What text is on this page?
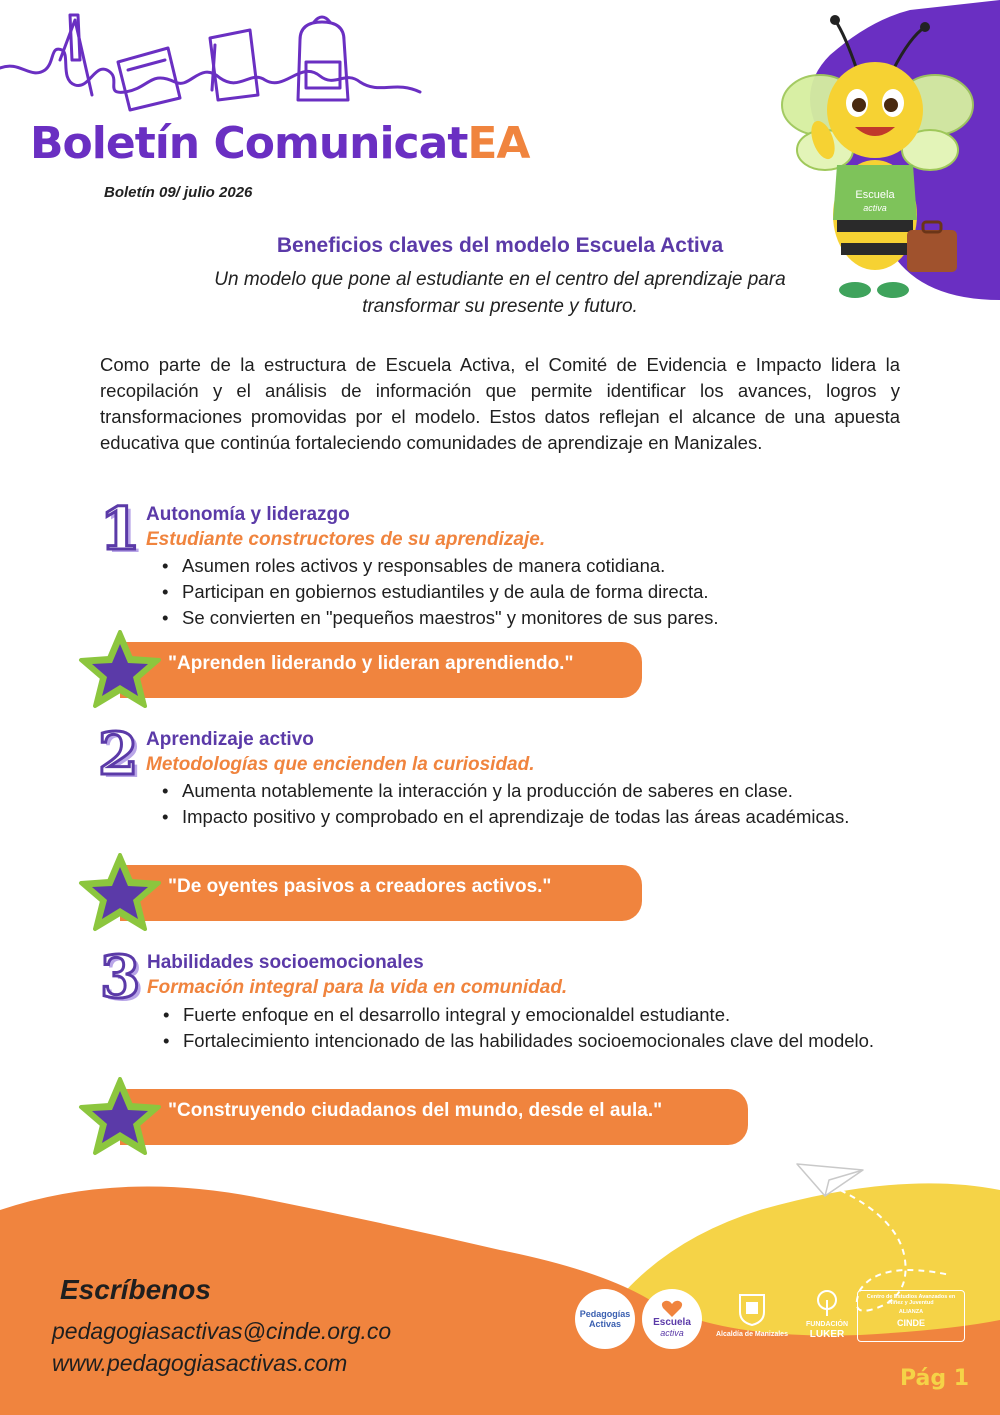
Boletín ComunicatEA
Boletín 09/ julio 2026	Escuela
activa
Beneficios claves del modelo Escuela Activa
Un modelo que pone al estudiante en el centro del aprendizaje para transformar su presente y futuro.
Como parte de la estructura de Escuela Activa, el Comité de Evidencia e Impacto lidera la recopilación y el análisis de información que permite identificar los avances, logros y transformaciones promovidas por el modelo. Estos datos reflejan el alcance de una apuesta educativa que continúa fortaleciendo comunidades de aprendizaje en Manizales.
1 Autonomía y liderazgo
Estudiante constructores de su aprendizaje.
• Asumen roles activos y responsables de manera cotidiana.
• Participan en gobiernos estudiantiles y de aula de forma directa.
• Se convierten en "pequeños maestros" y monitores de sus pares.
"Aprenden liderando y lideran aprendiendo."
2 Aprendizaje activo
Metodologías que encienden la curiosidad.
• Aumenta notablemente la interacción y la producción de saberes en clase.
• Impacto positivo y comprobado en el aprendizaje de todas las áreas académicas.
"De oyentes pasivos a creadores activos."
3 Habilidades socioemocionales
Formación integral para la vida en comunidad.
• Fuerte enfoque en el desarrollo integral y emocionaldel estudiante.
• Fortalecimiento intencionado de las habilidades socioemocionales clave del modelo.
"Construyendo ciudadanos del mundo, desde el aula."
Escríbenos
pedagogiasactivas@cinde.org.co
www.pedagogiasactivas.com
Pedagogías Activas	Escuela
activa	Alcaldía de Manizales
FUNDACIÓN
LUKER
Centro de Estudios Avanzados en Niñez y Juventud
ALIANZA
CINDE
Pág 1
